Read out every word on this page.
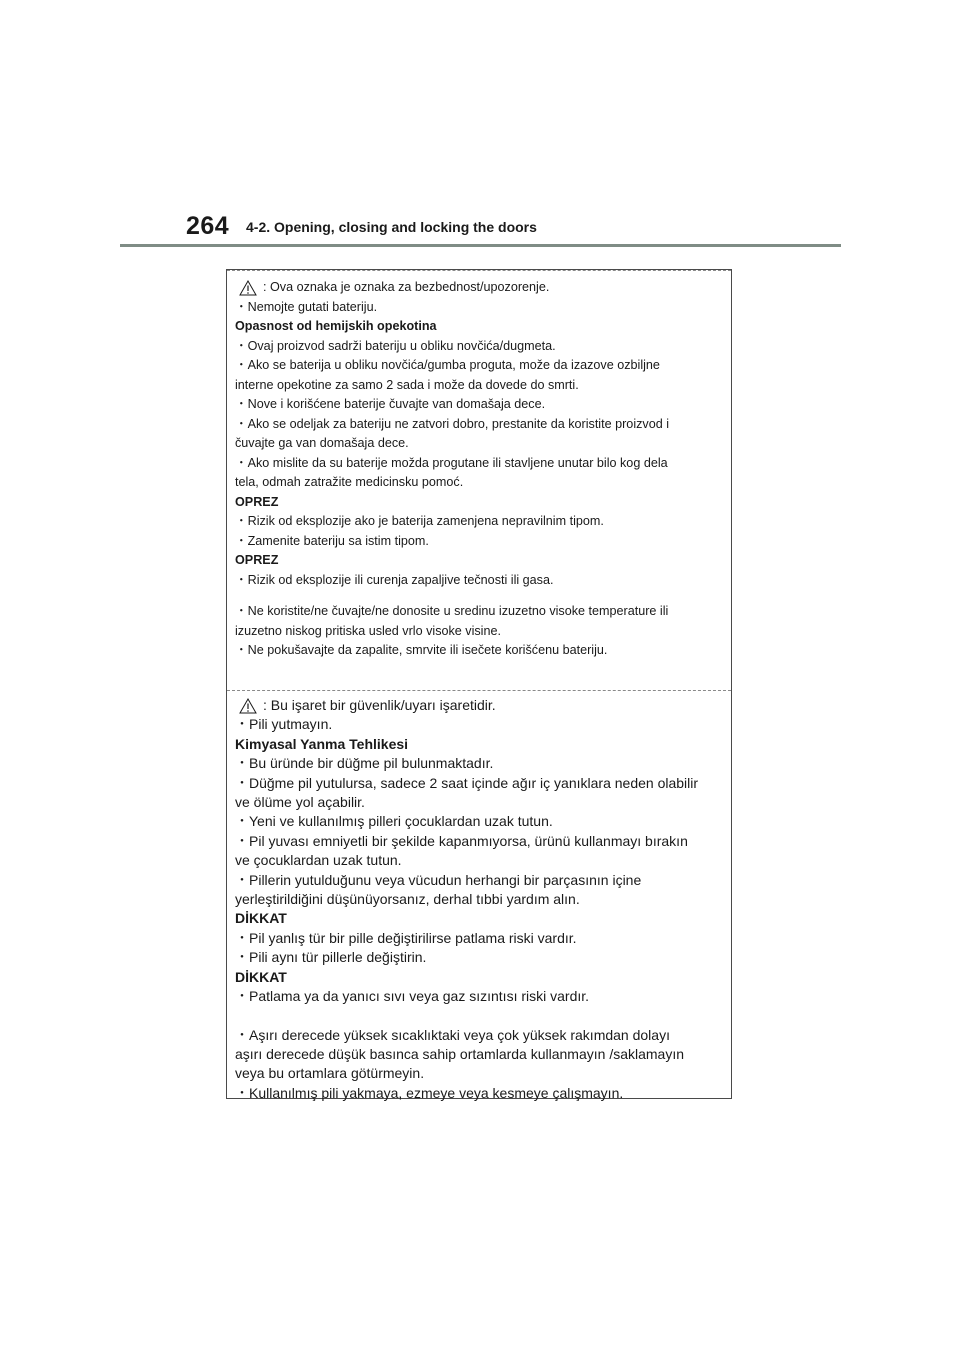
264 4-2. Opening, closing and locking the doors
: Ova oznaka je oznaka za bezbednost/upozorenje.

・Nemojte gutati bateriju.

Opasnost od hemijskih opekotina

・Ovaj proizvod sadrži bateriju u obliku novčića/dugmeta.

・Ako se baterija u obliku novčića/gumba proguta, može da izazove ozbiljne

interne opekotine za samo 2 sada i može da dovede do smrti.

・Nove i korišćene baterije čuvajte van domašaja dece.

・Ako se odeljak za bateriju ne zatvori dobro, prestanite da koristite proizvod i

čuvajte ga van domašaja dece.

・Ako mislite da su baterije možda progutane ili stavljene unutar bilo kog dela

tela, odmah zatražite medicinsku pomoć.

OPREZ

・Rizik od eksplozije ako je baterija zamenjena nepravilnim tipom.

・Zamenite bateriju sa istim tipom.

OPREZ

・Rizik od eksplozije ili curenja zapaljive tečnosti ili gasa.

・Ne koristite/ne čuvajte/ne donosite u sredinu izuzetno visoke temperature ili

izuzetno niskog pritiska usled vrlo visoke visine.

・Ne pokušavajte da zapalite, smrvite ili isečete korišćenu bateriju.

: Bu işaret bir güvenlik/uyarı işaretidir.

・Pili yutmayın.

Kimyasal Yanma Tehlikesi

・Bu üründe bir düğme pil bulunmaktadır.

・Düğme pil yutulursa, sadece 2 saat içinde ağır iç yanıklara neden olabilir

ve ölüme yol açabilir.

・Yeni ve kullanılmış pilleri çocuklardan uzak tutun.

・Pil yuvası emniyetli bir şekilde kapanmıyorsa, ürünü kullanmayı bırakın

ve çocuklardan uzak tutun.

・Pillerin yutulduğunu veya vücudun herhangi bir parçasının içine

yerleştirildiğini düşünüyorsanız, derhal tıbbi yardım alın.

DİKKAT

・Pil yanlış tür bir pille değiştirilirse patlama riski vardır.

・Pili aynı tür pillerle değiştirin.

DİKKAT

・Patlama ya da yanıcı sıvı veya gaz sızıntısı riski vardır.

・Aşırı derecede yüksek sıcaklıktaki veya çok yüksek rakımdan dolayı

aşırı derecede düşük basınca sahip ortamlarda kullanmayın /saklamayın

veya bu ortamlara götürmeyin.

・Kullanılmış pili yakmaya, ezmeye veya kesmeye çalışmayın.
